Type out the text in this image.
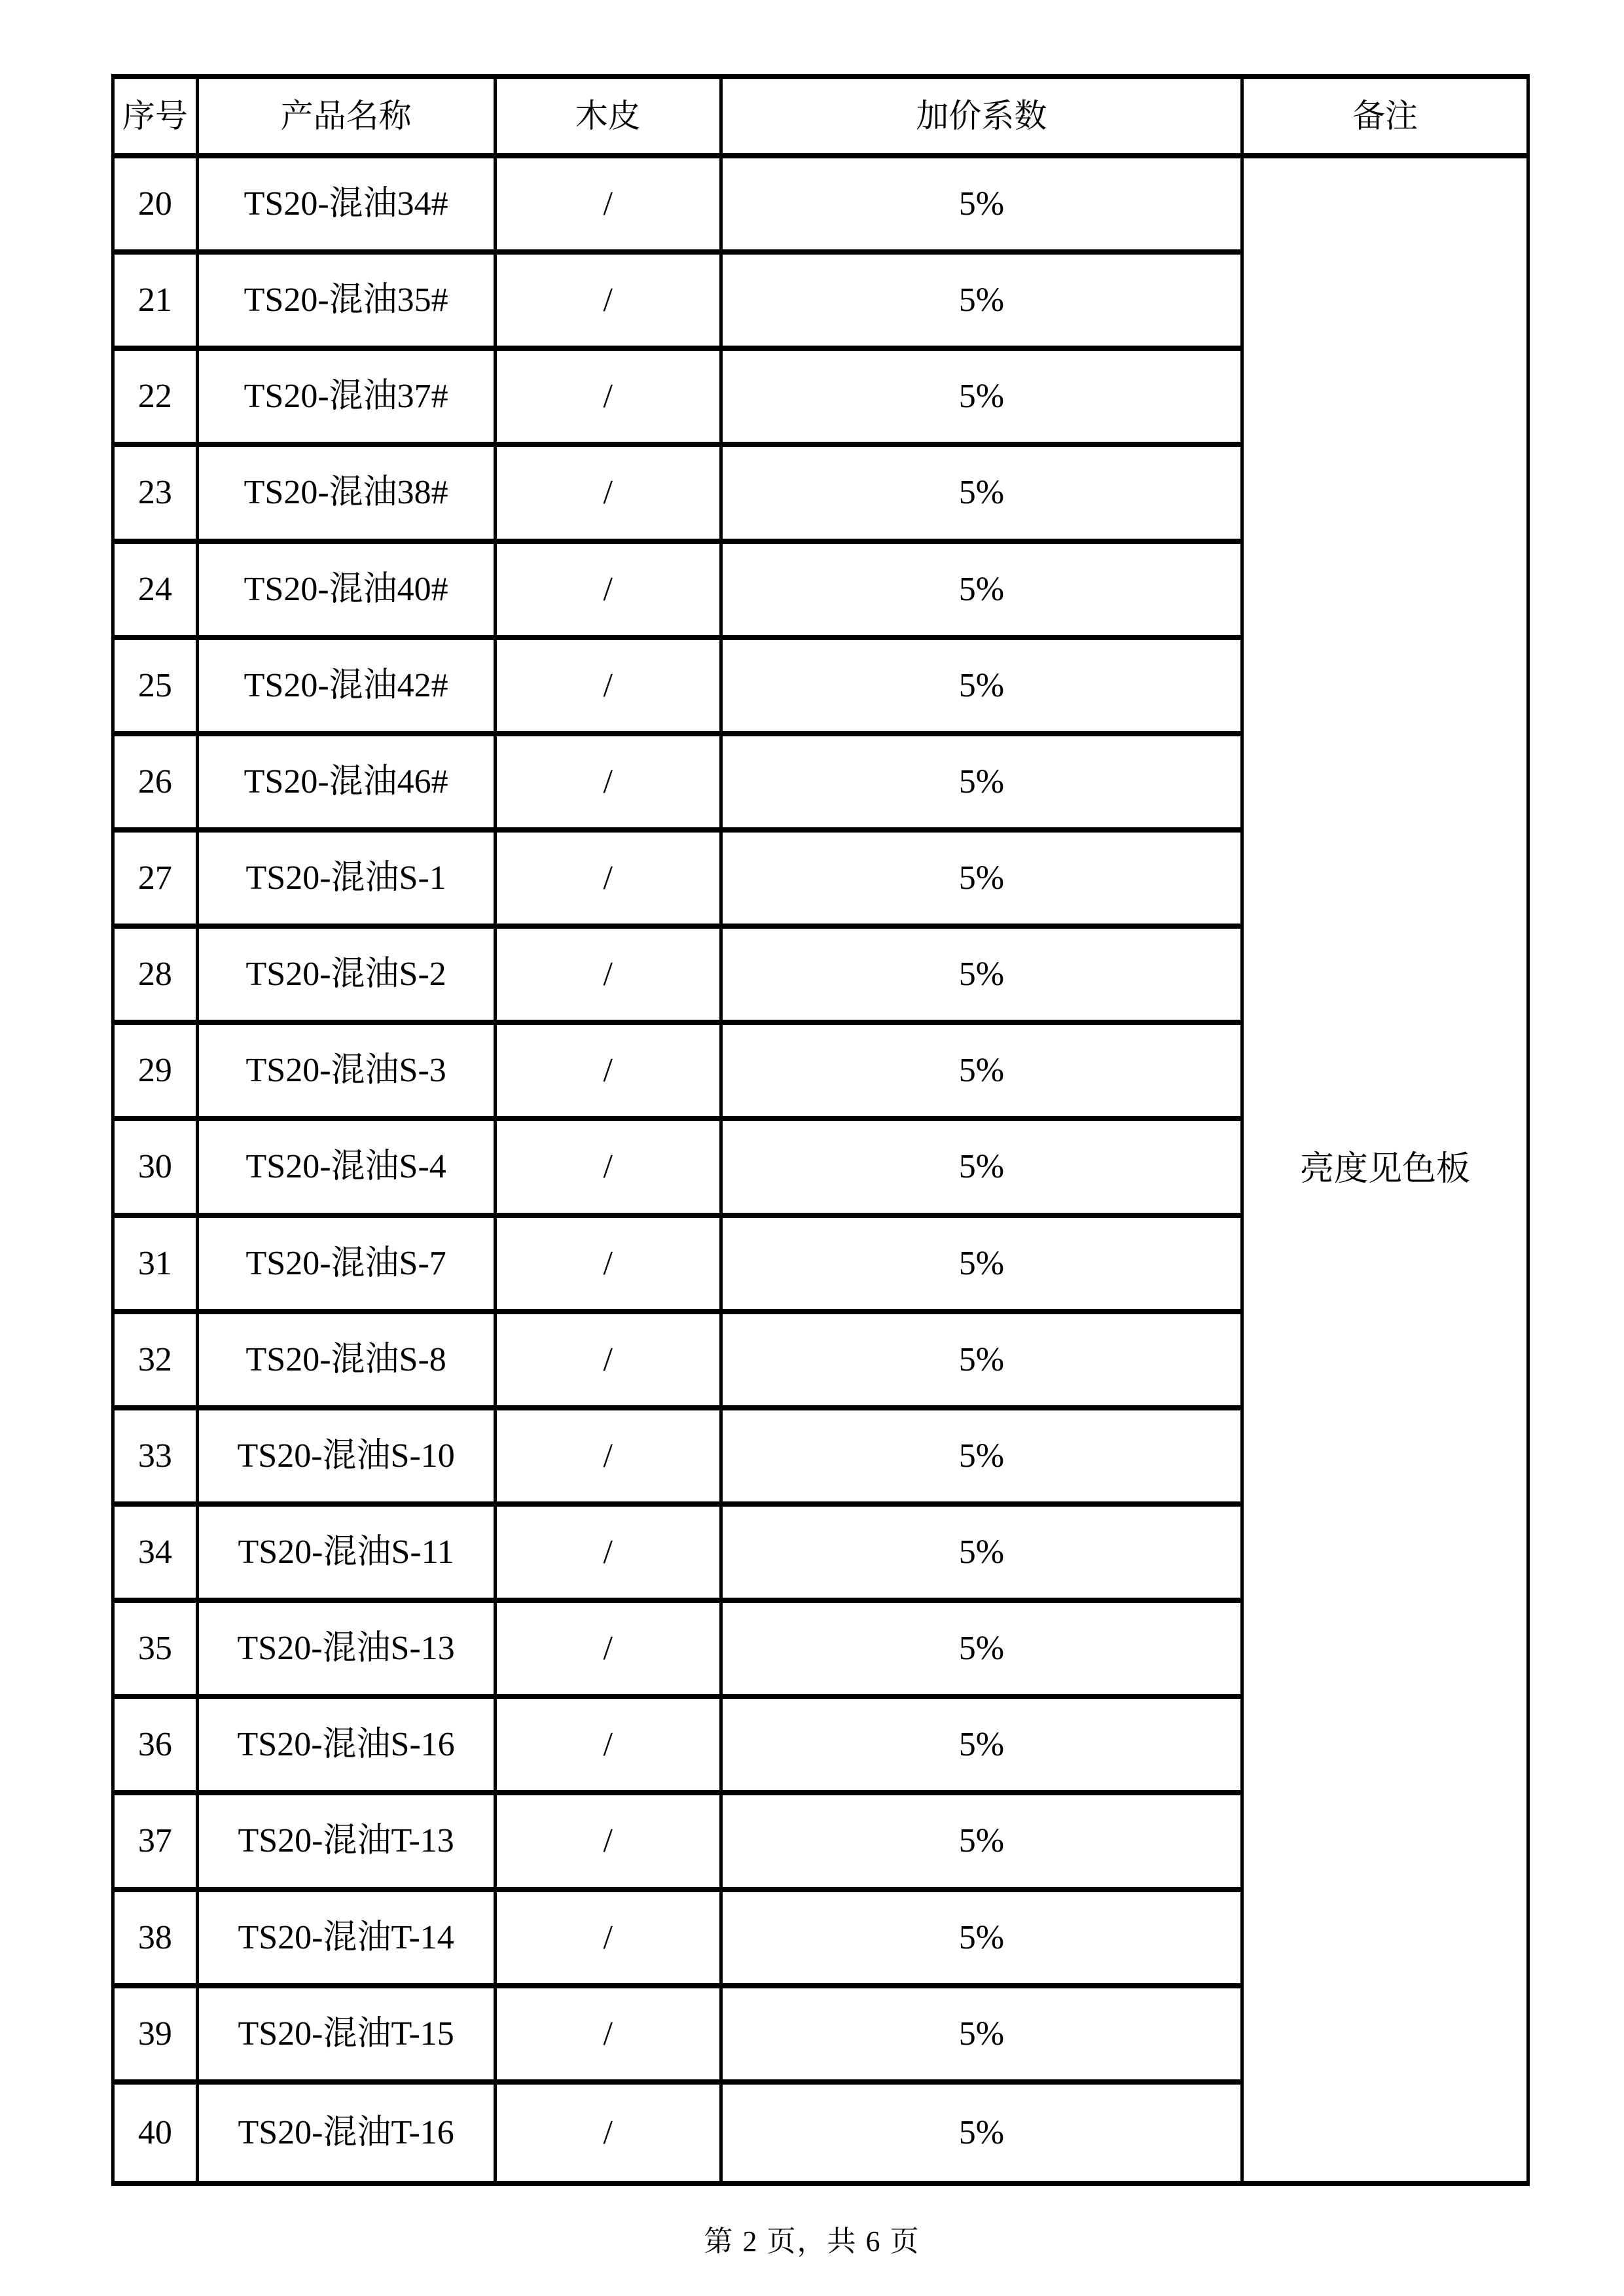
序号	产品名称	木皮	加价系数	备注
亮度见色板
20	TS20-混油34#	/	5%
21	TS20-混油35#	/	5%
22	TS20-混油37#	/	5%
23	TS20-混油38#	/	5%
24	TS20-混油40#	/	5%
25	TS20-混油42#	/	5%
26	TS20-混油46#	/	5%
27	TS20-混油S-1	/	5%
28	TS20-混油S-2	/	5%
29	TS20-混油S-3	/	5%
30	TS20-混油S-4	/	5%
31	TS20-混油S-7	/	5%
32	TS20-混油S-8	/	5%
33	TS20-混油S-10	/	5%
34	TS20-混油S-11	/	5%
35	TS20-混油S-13	/	5%
36	TS20-混油S-16	/	5%
37	TS20-混油T-13	/	5%
38	TS20-混油T-14	/	5%
39	TS20-混油T-15	/	5%
40	TS20-混油T-16	/	5%
第 2 页，共 6 页
